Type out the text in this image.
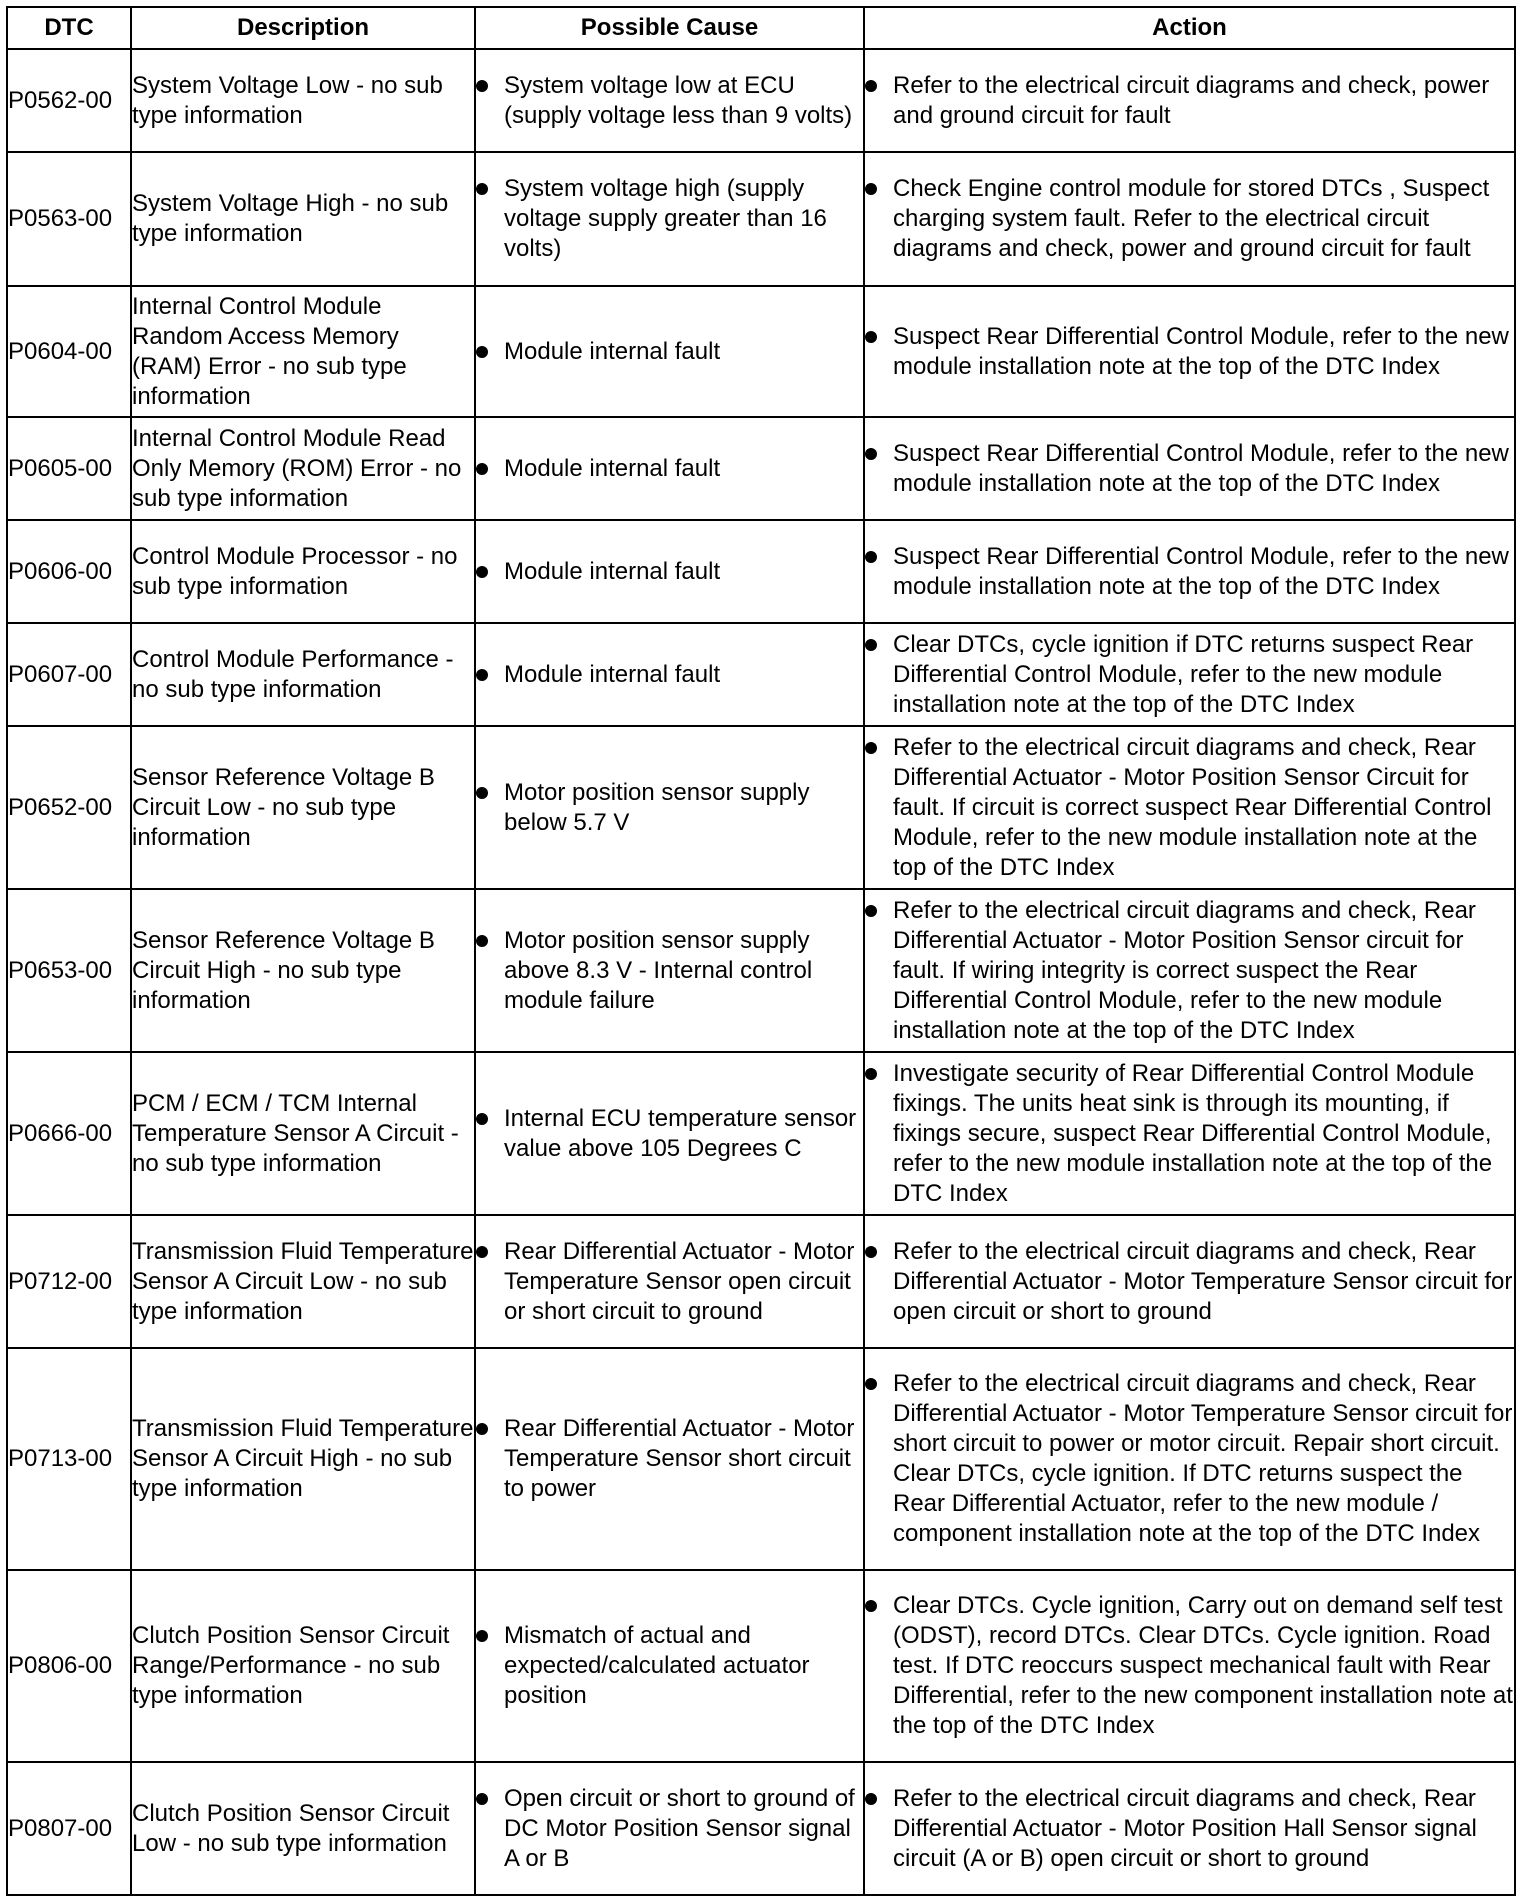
DTC	Description	Possible Cause	Action
P0562-00	System Voltage Low - no sub type information	System voltage low at ECU (supply voltage less than 9 volts)	Refer to the electrical circuit diagrams and check, power and ground circuit for fault

P0563-00	System Voltage High - no sub type information	System voltage high (supply voltage supply greater than 16 volts)	Check Engine control module for stored DTCs , Suspect charging system fault. Refer to the electrical circuit diagrams and check, power and ground circuit for fault

P0604-00	Internal Control Module Random Access Memory (RAM) Error - no sub type information	Module internal fault	Suspect Rear Differential Control Module, refer to the new module installation note at the top of the DTC Index

P0605-00	Internal Control Module Read Only Memory (ROM) Error - no sub type information	Module internal fault	Suspect Rear Differential Control Module, refer to the new module installation note at the top of the DTC Index

P0606-00	Control Module Processor - no sub type information	Module internal fault	Suspect Rear Differential Control Module, refer to the new module installation note at the top of the DTC Index

P0607-00	Control Module Performance - no sub type information	Module internal fault	Clear DTCs, cycle ignition if DTC returns suspect Rear Differential Control Module, refer to the new module installation note at the top of the DTC Index

P0652-00	Sensor Reference Voltage B Circuit Low - no sub type information	Motor position sensor supply below 5.7 V	Refer to the electrical circuit diagrams and check, Rear Differential Actuator - Motor Position Sensor Circuit for fault. If circuit is correct suspect Rear Differential Control Module, refer to the new module installation note at the top of the DTC Index

P0653-00	Sensor Reference Voltage B Circuit High - no sub type information	Motor position sensor supply above 8.3 V - Internal control module failure	Refer to the electrical circuit diagrams and check, Rear Differential Actuator - Motor Position Sensor circuit for fault. If wiring integrity is correct suspect the Rear Differential Control Module, refer to the new module installation note at the top of the DTC Index

P0666-00	PCM / ECM / TCM Internal Temperature Sensor A Circuit - no sub type information	Internal ECU temperature sensor value above 105 Degrees C	Investigate security of Rear Differential Control Module fixings. The units heat sink is through its mounting, if fixings secure, suspect Rear Differential Control Module, refer to the new module installation note at the top of the DTC Index

P0712-00	Transmission Fluid Temperature Sensor A Circuit Low - no sub type information	Rear Differential Actuator - Motor Temperature Sensor open circuit or short circuit to ground	Refer to the electrical circuit diagrams and check, Rear Differential Actuator - Motor Temperature Sensor circuit for open circuit or short to ground

P0713-00	Transmission Fluid Temperature Sensor A Circuit High - no sub type information	Rear Differential Actuator - Motor Temperature Sensor short circuit to power	Refer to the electrical circuit diagrams and check, Rear Differential Actuator - Motor Temperature Sensor circuit for short circuit to power or motor circuit. Repair short circuit. Clear DTCs, cycle ignition. If DTC returns suspect the Rear Differential Actuator, refer to the new module / component installation note at the top of the DTC Index

P0806-00	Clutch Position Sensor Circuit Range/Performance - no sub type information	Mismatch of actual and expected/calculated actuator position	Clear DTCs. Cycle ignition, Carry out on demand self test (ODST), record DTCs. Clear DTCs. Cycle ignition. Road test. If DTC reoccurs suspect mechanical fault with Rear Differential, refer to the new component installation note at the top of the DTC Index

P0807-00	Clutch Position Sensor Circuit Low - no sub type information	Open circuit or short to ground of DC Motor Position Sensor signal A or B	Refer to the electrical circuit diagrams and check, Rear Differential Actuator - Motor Position Hall Sensor signal circuit (A or B) open circuit or short to ground
